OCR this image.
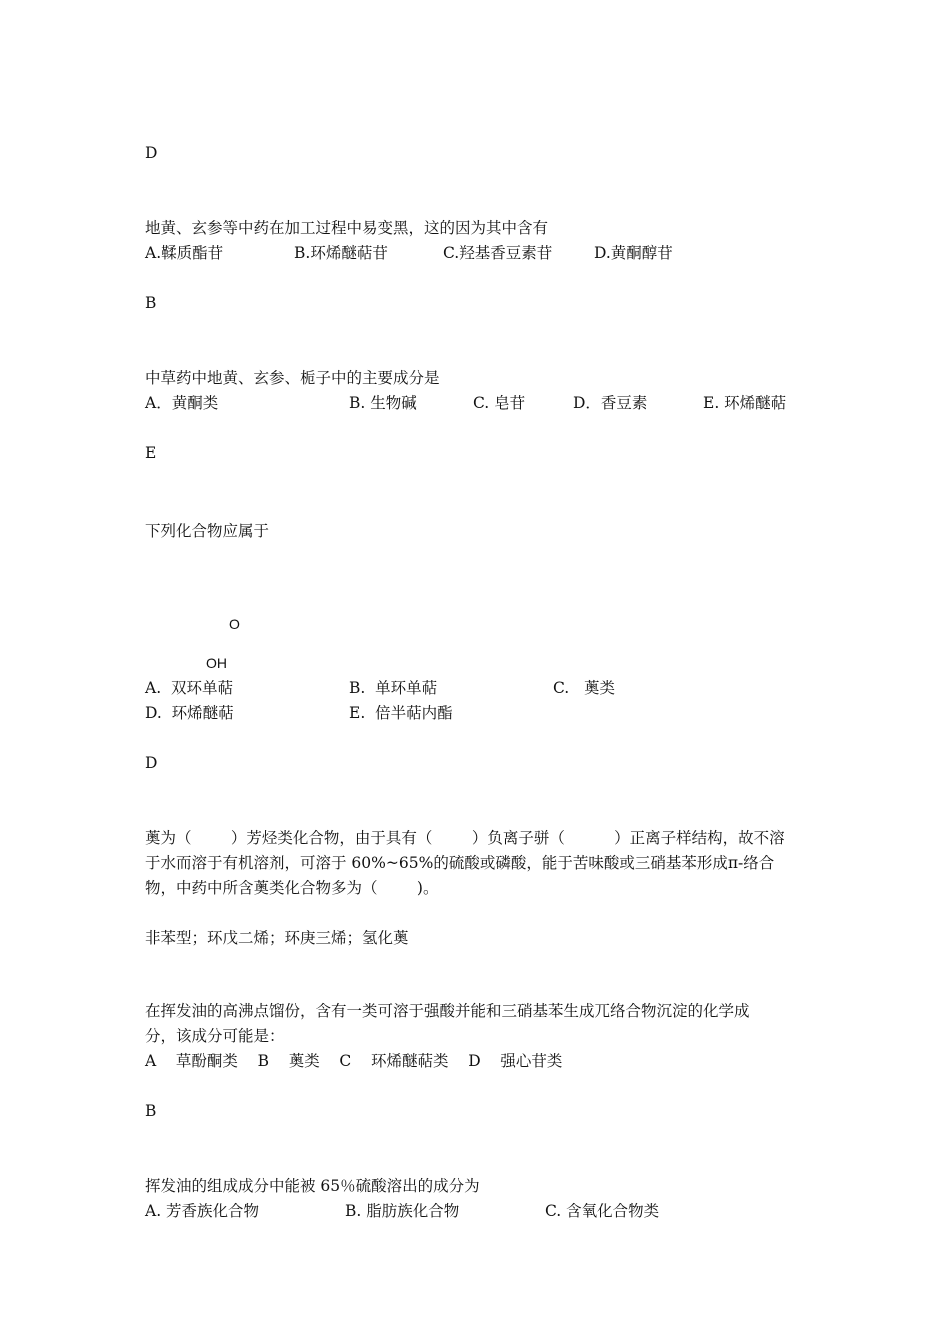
D
地黄、玄参等中药在加工过程中易变黑，这的因为其中含有
A.鞣质酯苷	B.环烯醚萜苷	C.羟基香豆素苷	D.黄酮醇苷
B
中草药中地黄、玄参、栀子中的主要成分是
A．黄酮类	B. 生物碱	C. 皂苷	D．香豆素	E. 环烯醚萜
E
下列化合物应属于
O
OH
A.  双环单萜	B.  单环单萜	C.   薁类
D.  环烯醚萜	E.  倍半萜内酯
D
薁为（        ）芳烃类化合物，由于具有（        ）负离子骈（          ）正离子样结构，故不溶
于水而溶于有机溶剂，可溶于 60%~65%的硫酸或磷酸，能于苦味酸或三硝基苯形成π-络合
物，中药中所含薁类化合物多为（        )。
非苯型；环戊二烯；环庚三烯；氢化薁
在挥发油的高沸点馏份，含有一类可溶于强酸并能和三硝基苯生成兀络合物沉淀的化学成
分，该成分可能是：
A    草酚酮类    B    薁类    C    环烯醚萜类    D    强心苷类
B
挥发油的组成成分中能被 65％硫酸溶出的成分为
A. 芳香族化合物	B. 脂肪族化合物	C. 含氧化合物类
